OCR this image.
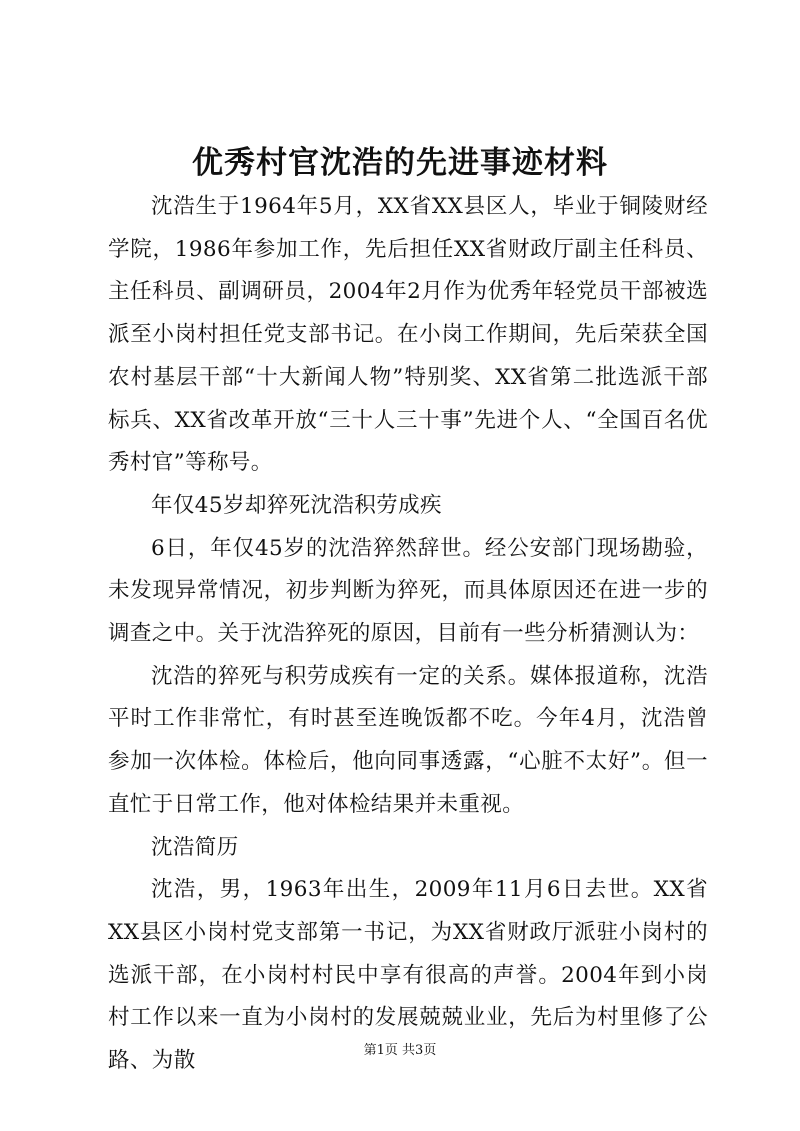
优秀村官沈浩的先进事迹材料

沈浩生于1964年5月，XX省XX县区人，毕业于铜陵财经学院，1986年参加工作，先后担任XX省财政厅副主任科员、主任科员、副调研员，2004年2月作为优秀年轻党员干部被选派至小岗村担任党支部书记。在小岗工作期间，先后荣获全国农村基层干部“十大新闻人物”特别奖、XX省第二批选派干部标兵、XX省改革开放“三十人三十事”先进个人、“全国百名优秀村官”等称号。

年仅45岁却猝死沈浩积劳成疾

6日，年仅45岁的沈浩猝然辞世。经公安部门现场勘验，未发现异常情况，初步判断为猝死，而具体原因还在进一步的调查之中。关于沈浩猝死的原因，目前有一些分析猜测认为：

沈浩的猝死与积劳成疾有一定的关系。媒体报道称，沈浩平时工作非常忙，有时甚至连晚饭都不吃。今年4月，沈浩曾参加一次体检。体检后，他向同事透露，“心脏不太好”。但一直忙于日常工作，他对体检结果并未重视。

沈浩简历

沈浩，男，1963年出生，2009年11月6日去世。XX省XX县区小岗村党支部第一书记，为XX省财政厅派驻小岗村的选派干部，在小岗村村民中享有很高的声誉。2004年到小岗村工作以来一直为小岗村的发展兢兢业业，先后为村里修了公路、为散	第1页 共3页
